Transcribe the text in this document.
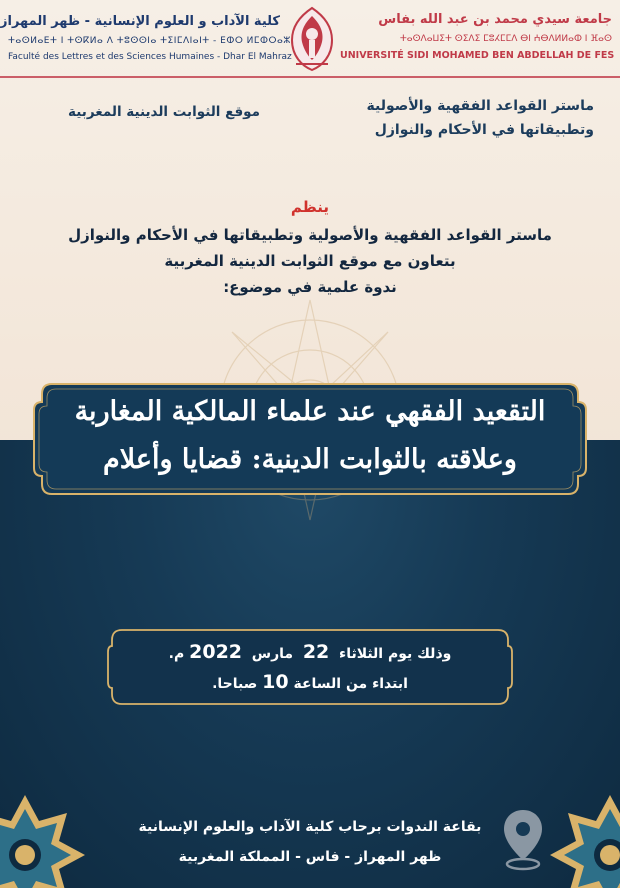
كلية الآداب و العلوم الإنسانية - ظهر المهراز
ⵜⴰⵙⵍⴰⴹⵜ ⵏ ⵜⵙⴽⵍⴰ ⴷ ⵜⵓⵙⵙⵏⴰ ⵜⵉⵏⵎⴷⵏⴰⵏⵜ - ⴹⵀⵔ ⵍⵎⵀⵔⴰⵣ
Faculté des Lettres et des Sciences Humaines - Dhar El Mahraz
جامعة سيدي محمد بن عبد الله بفاس
ⵜⴰⵙⴷⴰⵡⵉⵜ ⵙⵉⴷⵉ ⵎⵓⵃⵎⵎⴷ ⴱⵏ ⵄⴱⴷⵍⵍⴰⵀ ⵏ ⴼⴰⵙ
UNIVERSITÉ SIDI MOHAMED BEN ABDELLAH DE FES
ماستر القواعد الفقهية والأصولية
وتطبيقاتها في الأحكام والنوازل
موقع الثوابت الدينية المغربية
ينظم
ماستر القواعد الفقهية والأصولية وتطبيقاتها في الأحكام والنوازل
بتعاون مع موقع الثوابت الدينية المغربية
ندوة علمية في موضوع:
التقعيد الفقهي عند علماء المالكية المغاربة
وعلاقته بالثوابت الدينية: قضايا وأعلام
وذلك يوم الثلاثاء  22  مارس  2022 م.
ابتداء من الساعة 10 صباحا.
بقاعة الندوات برحاب كلية الآداب والعلوم الإنسانية
ظهر المهراز - فاس - المملكة المغربية
